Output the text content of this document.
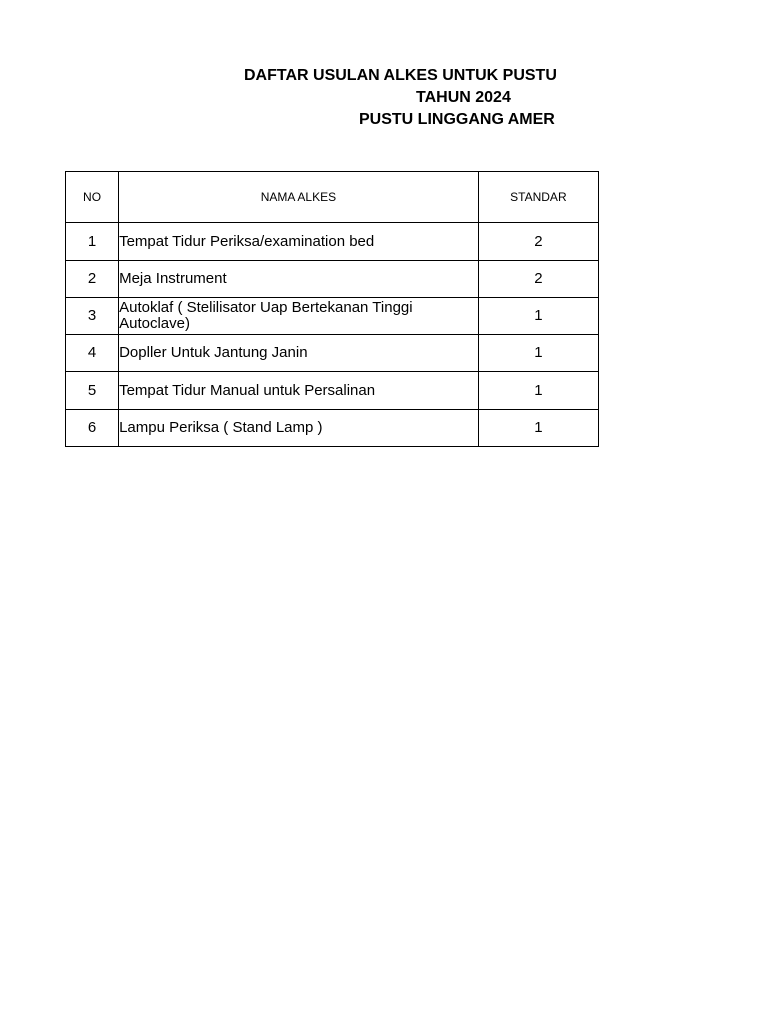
DAFTAR USULAN ALKES UNTUK PUSTU
TAHUN 2024
PUSTU LINGGANG AMER
NO	NAMA ALKES	STANDAR
1	Tempat Tidur Periksa/examination bed	2
2	Meja Instrument	2
3	Autoklaf ( Stelilisator Uap Bertekanan Tinggi Autoclave)	1
4	Dopller Untuk Jantung Janin	1
5	Tempat Tidur Manual untuk Persalinan	1
6	Lampu Periksa ( Stand Lamp )	1
